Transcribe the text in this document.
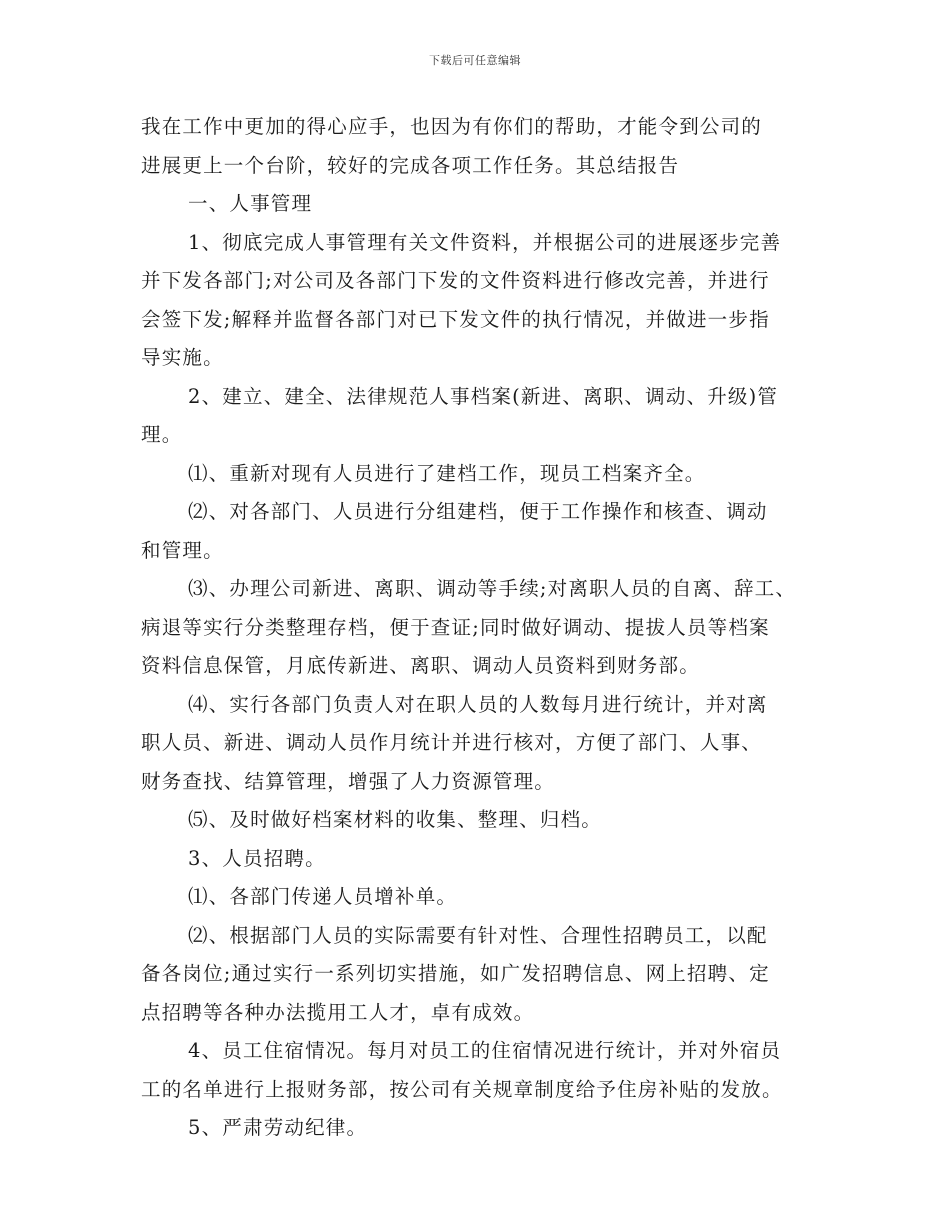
下载后可任意编辑
我在工作中更加的得心应手，也因为有你们的帮助，才能令到公司的
进展更上一个台阶，较好的完成各项工作任务。其总结报告
一、人事管理
1、彻底完成人事管理有关文件资料，并根据公司的进展逐步完善
并下发各部门;对公司及各部门下发的文件资料进行修改完善，并进行
会签下发;解释并监督各部门对已下发文件的执行情况，并做进一步指
导实施。
2、建立、建全、法律规范人事档案(新进、离职、调动、升级)管
理。
⑴、重新对现有人员进行了建档工作，现员工档案齐全。
⑵、对各部门、人员进行分组建档，便于工作操作和核查、调动
和管理。
⑶、办理公司新进、离职、调动等手续;对离职人员的自离、辞工、
病退等实行分类整理存档，便于查证;同时做好调动、提拔人员等档案
资料信息保管，月底传新进、离职、调动人员资料到财务部。
⑷、实行各部门负责人对在职人员的人数每月进行统计，并对离
职人员、新进、调动人员作月统计并进行核对，方便了部门、人事、
财务查找、结算管理，增强了人力资源管理。
⑸、及时做好档案材料的收集、整理、归档。
3、人员招聘。
⑴、各部门传递人员增补单。
⑵、根据部门人员的实际需要有针对性、合理性招聘员工，以配
备各岗位;通过实行一系列切实措施，如广发招聘信息、网上招聘、定
点招聘等各种办法揽用工人才，卓有成效。
4、员工住宿情况。每月对员工的住宿情况进行统计，并对外宿员
工的名单进行上报财务部，按公司有关规章制度给予住房补贴的发放。
5、严肃劳动纪律。
